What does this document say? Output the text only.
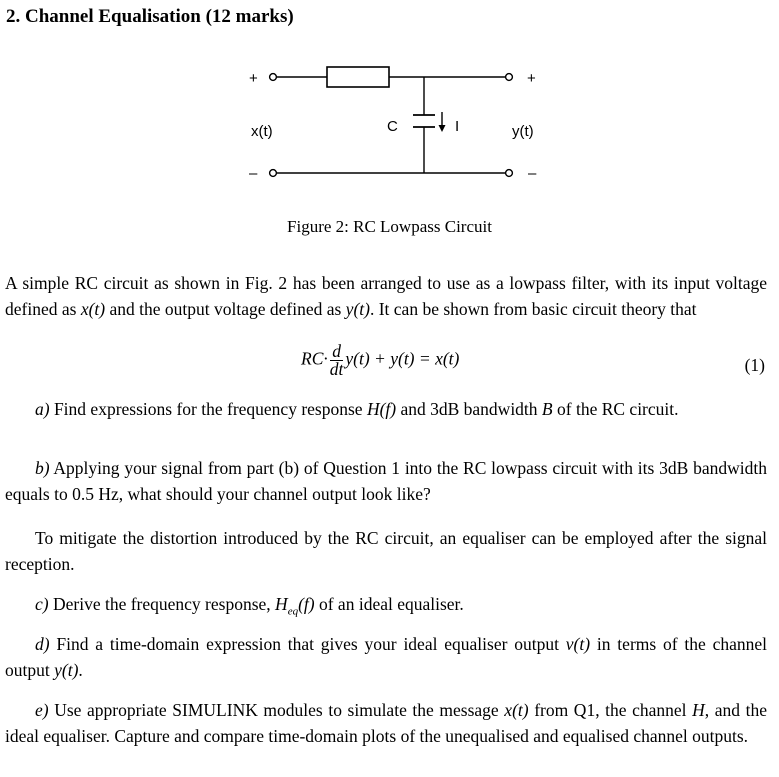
2. Channel Equalisation (12 marks)
+	+
–	–
x(t)	y(t)
C	I
Figure 2: RC Lowpass Circuit

A simple RC circuit as shown in Fig. 2 has been arranged to use as a lowpass filter, with its input voltage defined as x(t) and the output voltage defined as y(t). It can be shown from basic circuit theory that

$RC\cdot \frac{d}{dt} y(t) + y(t) = x(t)$	(1)

a) Find expressions for the frequency response H(f) and 3dB bandwidth B of the RC circuit.

b) Applying your signal from part (b) of Question 1 into the RC lowpass circuit with its 3dB bandwidth equals to 0.5 Hz, what should your channel output look like?

To mitigate the distortion introduced by the RC circuit, an equaliser can be employed after the signal reception.

c) Derive the frequency response, $H_{eq}(f)$ of an ideal equaliser.

d) Find a time-domain expression that gives your ideal equaliser output v(t) in terms of the channel output y(t).

e) Use appropriate SIMULINK modules to simulate the message x(t) from Q1, the channel H, and the ideal equaliser. Capture and compare time-domain plots of the unequalised and equalised channel outputs.
